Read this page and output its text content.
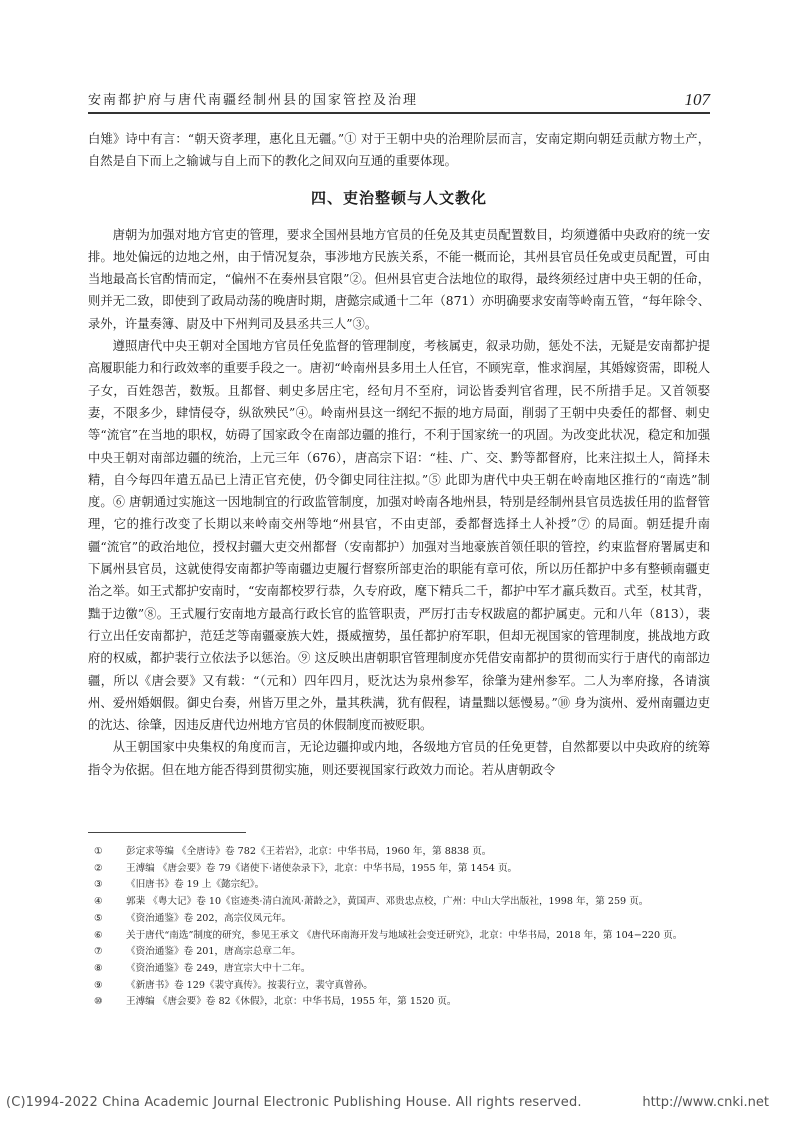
安南都护府与唐代南疆经制州县的国家管控及治理	107

白雉》诗中有言：“朝天资孝理，惠化且无疆。”① 对于王朝中央的治理阶层而言，安南定期向朝廷贡献方物土产，自然是自下而上之输诚与自上而下的教化之间双向互通的重要体现。

四、吏治整顿与人文教化

唐朝为加强对地方官吏的管理，要求全国州县地方官员的任免及其吏员配置数目，均须遵循中央政府的统一安排。地处偏远的边地之州，由于情况复杂，事涉地方民族关系，不能一概而论，其州县官员任免或吏员配置，可由当地最高长官酌情而定，“偏州不在奏州县官限”②。但州县官吏合法地位的取得，最终须经过唐中央王朝的任命，则并无二致，即使到了政局动荡的晚唐时期，唐懿宗咸通十二年（871）亦明确要求安南等岭南五管，“每年除令、录外，许量奏簿、尉及中下州判司及县丞共三人”③。

遵照唐代中央王朝对全国地方官员任免监督的管理制度，考核属吏，叙录功勋，惩处不法，无疑是安南都护提高履职能力和行政效率的重要手段之一。唐初“岭南州县多用土人任官，不顾宪章，惟求润屋，其婚嫁资需，即税人子女，百姓怨苦，数叛。且都督、刺史多居庄宅，经旬月不至府，词讼皆委判官省理，民不所措手足。又首领娶妻，不限多少，肆情侵夺，纵欲殃民”④。岭南州县这一纲纪不振的地方局面，削弱了王朝中央委任的都督、刺史等“流官”在当地的职权，妨碍了国家政令在南部边疆的推行，不利于国家统一的巩固。为改变此状况，稳定和加强中央王朝对南部边疆的统治，上元三年（676），唐高宗下诏：“桂、广、交、黔等都督府，比来注拟土人，简择未精，自今每四年遣五品已上清正官充使，仍令御史同往注拟。”⑤ 此即为唐代中央王朝在岭南地区推行的“南选”制度。⑥ 唐朝通过实施这一因地制宜的行政监管制度，加强对岭南各地州县，特别是经制州县官员选拔任用的监督管理，它的推行改变了长期以来岭南交州等地“州县官，不由吏部，委都督选择土人补授”⑦ 的局面。朝廷提升南疆“流官”的政治地位，授权封疆大吏交州都督（安南都护）加强对当地豪族首领任职的管控，约束监督府署属吏和下属州县官员，这就使得安南都护等南疆边吏履行督察所部吏治的职能有章可依，所以历任都护中多有整顿南疆吏治之举。如王式都护安南时，“安南都校罗行恭，久专府政，麾下精兵二千，都护中军才羸兵数百。式至，杖其背，黜于边徼”⑧。王式履行安南地方最高行政长官的监管职责，严厉打击专权跋扈的都护属吏。元和八年（813），裴行立出任安南都护，范廷芝等南疆豪族大姓，摄威擅势，虽任都护府军职，但却无视国家的管理制度，挑战地方政府的权威，都护裴行立依法予以惩治。⑨ 这反映出唐朝职官管理制度亦凭借安南都护的贯彻而实行于唐代的南部边疆，所以《唐会要》又有载：“（元和）四年四月，贬沈达为泉州参军，徐肇为建州参军。二人为率府掾，各请演州、爱州婚姻假。御史台奏，州皆万里之外，量其秩满，犹有假程，请量黜以惩慢易。”⑩ 身为演州、爱州南疆边吏的沈达、徐肇，因违反唐代边州地方官员的休假制度而被贬职。

从王朝国家中央集权的角度而言，无论边疆抑或内地，各级地方官员的任免更替，自然都要以中央政府的统筹指令为依据。但在地方能否得到贯彻实施，则还要视国家行政效力而论。若从唐朝政令

①	彭定求等编 《全唐诗》卷 782《王若岩》，北京：中华书局，1960 年，第 8838 页。
②	王溥编 《唐会要》卷 79《诸使下·诸使杂录下》，北京：中华书局，1955 年，第 1454 页。
③	《旧唐书》卷 19 上《懿宗纪》。
④	郭棐 《粤大记》卷 10《宦迹类·清白流风·萧龄之》，黄国声、邓贵忠点校，广州：中山大学出版社，1998 年，第 259 页。
⑤	《资治通鉴》卷 202，高宗仪凤元年。
⑥	关于唐代“南选”制度的研究，参见王承文 《唐代环南海开发与地域社会变迁研究》，北京：中华书局，2018 年，第 104−220 页。
⑦	《资治通鉴》卷 201，唐高宗总章二年。
⑧	《资治通鉴》卷 249，唐宣宗大中十二年。
⑨	《新唐书》卷 129《裴守真传》。按裴行立，裴守真曾孙。
⑩	王溥编 《唐会要》卷 82《休假》，北京：中华书局，1955 年，第 1520 页。
(C)1994-2022 China Academic Journal Electronic Publishing House. All rights reserved.	http://www.cnki.net
